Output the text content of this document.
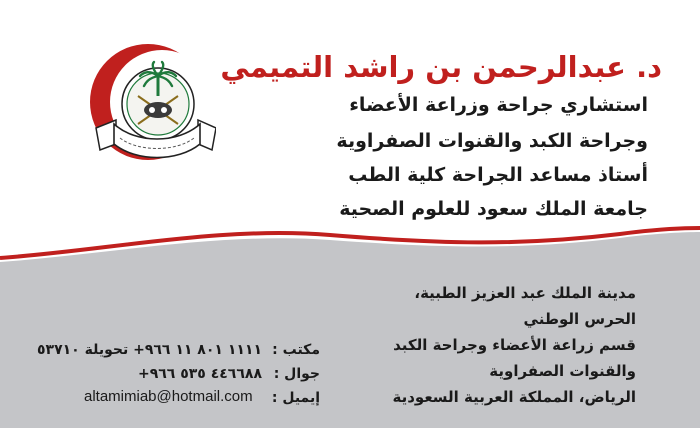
د. عبدالرحمن بن راشد التميمي
استشاري جراحة وزراعة الأعضاء
وجراحة الكبد والقنوات الصفراوية
أستاذ مساعد الجراحة كلية الطب
جامعة الملك سعود للعلوم الصحية
مدينة الملك عبد العزيز الطبية،
الحرس الوطني
قسم زراعة الأعضاء وجراحة الكبد
والقنوات الصفراوية
الرياض، المملكة العربية السعودية
مكتب :
١١١١ ٨٠١ ١١ ٩٦٦+ تحويلة ٥٣٧١٠
جوال :
٤٤٦٦٨٨ ٥٣٥ ٩٦٦+
إيميل :
altamimiab@hotmail.com
